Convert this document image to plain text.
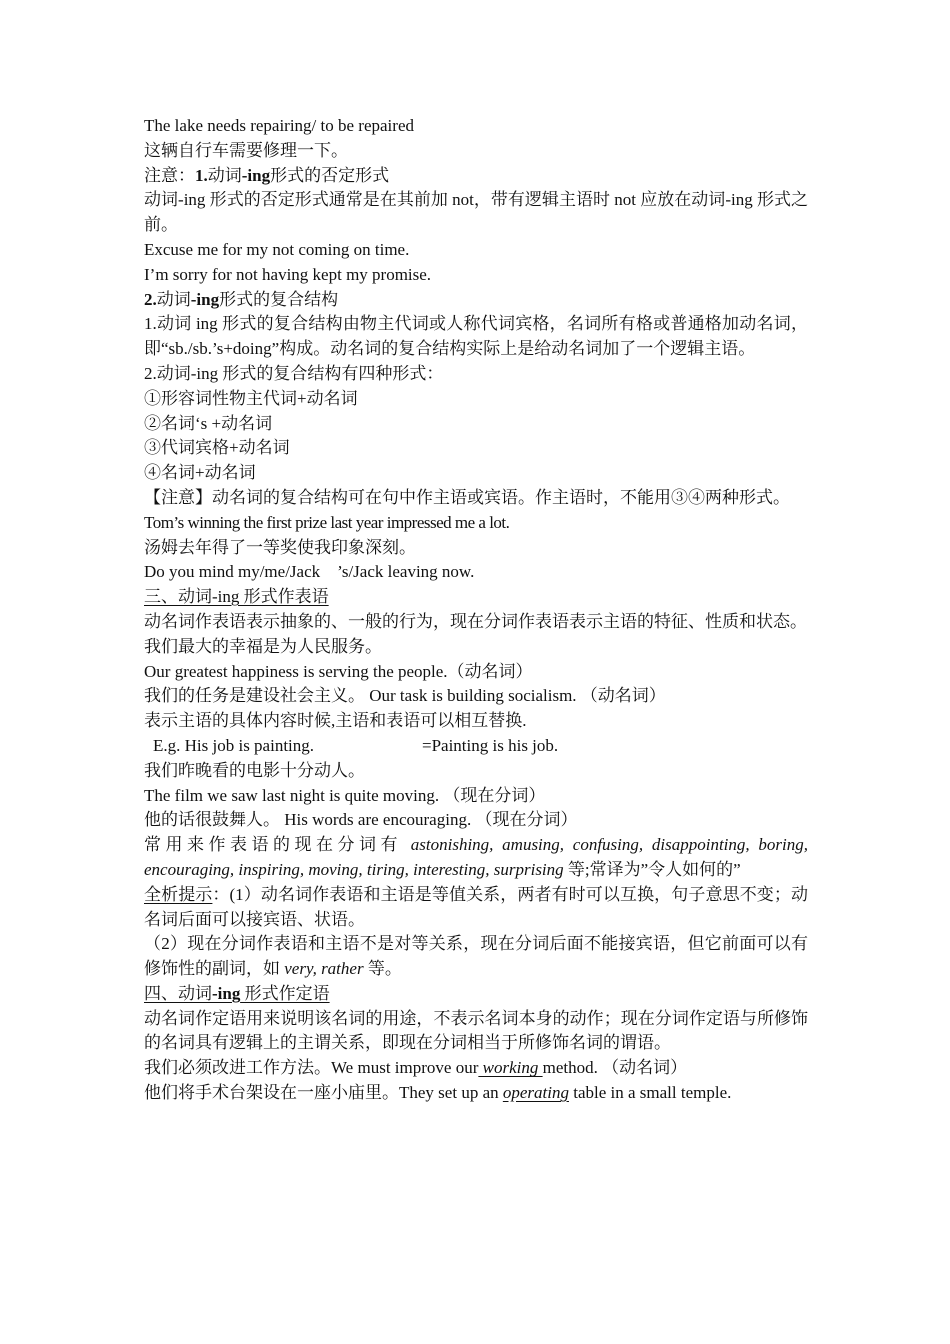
The lake needs repairing/ to be repaired
这辆自行车需要修理一下。
注意：1.动词-ing形式的否定形式
动词-ing 形式的否定形式通常是在其前加 not，带有逻辑主语时 not 应放在动词-ing 形式之前。
Excuse me for my not coming on time.
I’m sorry for not having kept my promise.
2.动词-ing形式的复合结构
1.动词 ing 形式的复合结构由物主代词或人称代词宾格，名词所有格或普通格加动名词，即“sb./sb.’s+doing”构成。动名词的复合结构实际上是给动名词加了一个逻辑主语。
2.动词-ing 形式的复合结构有四种形式：
①形容词性物主代词+动名词
②名词‘s +动名词
③代词宾格+动名词
④名词+动名词
【注意】动名词的复合结构可在句中作主语或宾语。作主语时，不能用③④两种形式。
Tom’s winning the first prize last year impressed me a lot.
汤姆去年得了一等奖使我印象深刻。
Do you mind my/me/Jack    ’s/Jack leaving now.
三、动词-ing 形式作表语
动名词作表语表示抽象的、一般的行为，现在分词作表语表示主语的特征、性质和状态。
我们最大的幸福是为人民服务。
Our greatest happiness is serving the people.（动名词）
我们的任务是建设社会主义。 Our task is building socialism. （动名词）
表示主语的具体内容时候,主语和表语可以相互替换.
E.g. His job is painting.	=Painting is his job.
我们昨晚看的电影十分动人。
The film we saw last night is quite moving. （现在分词）
他的话很鼓舞人。 His words are encouraging. （现在分词）
常用来作表语的现在分词有 astonishing, amusing, confusing, disappointing, boring, encouraging, inspiring, moving, tiring, interesting, surprising 等;常译为”令人如何的”
全析提示：(1）动名词作表语和主语是等值关系，两者有时可以互换，句子意思不变；动名词后面可以接宾语、状语。
（2）现在分词作表语和主语不是对等关系，现在分词后面不能接宾语，但它前面可以有修饰性的副词，如 very, rather 等。
四、动词-ing 形式作定语
动名词作定语用来说明该名词的用途，不表示名词本身的动作；现在分词作定语与所修饰的名词具有逻辑上的主谓关系，即现在分词相当于所修饰名词的谓语。
我们必须改进工作方法。We must improve our working method. （动名词）
他们将手术台架设在一座小庙里。They set up an operating table in a small temple.
